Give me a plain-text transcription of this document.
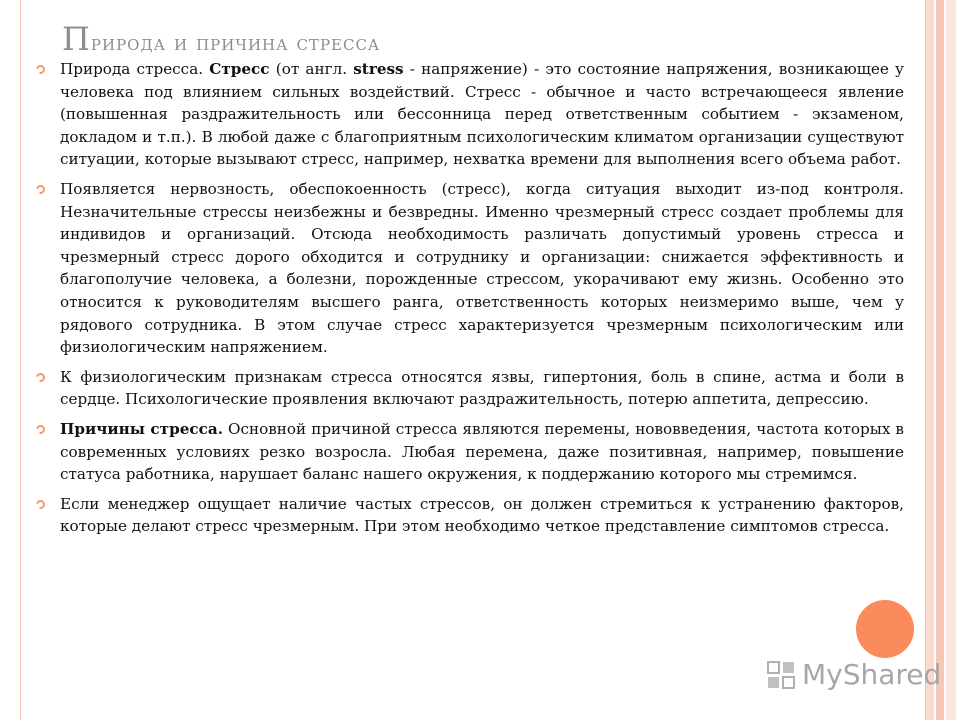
Природа и причина стресса
Природа стресса. Стресс (от англ. stress - напряжение) - это состояние напряжения, возникающее у человека под влиянием сильных воздействий. Стресс - обычное и часто встречающееся явление (повышенная раздражительность или бессонница перед ответственным событием - экзаменом, докладом и т.п.). В любой даже с благоприятным психологическим климатом организации существуют ситуации, которые вызывают стресс, например, нехватка времени для выполнения всего объема работ.
Появляется нервозность, обеспокоенность (стресс), когда ситуация выходит из-под контроля. Незначительные стрессы неизбежны и безвредны. Именно чрезмерный стресс создает проблемы для индивидов и организаций. Отсюда необходимость различать допустимый уровень стресса и чрезмерный стресс дорого обходится и сотруднику и организации: снижается эффективность и благополучие человека, а болезни, порожденные стрессом, укорачивают ему жизнь. Особенно это относится к руководителям высшего ранга, ответственность которых неизмеримо выше, чем у рядового сотрудника. В этом случае стресс характеризуется чрезмерным психологическим или физиологическим напряжением.
К физиологическим признакам стресса относятся язвы, гипертония, боль в спине, астма и боли в сердце. Психологические проявления включают раздражительность, потерю аппетита, депрессию.
Причины стресса. Основной причиной стресса являются перемены, нововведения, частота которых в современных условиях резко возросла. Любая перемена, даже позитивная, например, повышение статуса работника, нарушает баланс нашего окружения, к поддержанию которого мы стремимся.
Если менеджер ощущает наличие частых стрессов, он должен стремиться к устранению факторов, которые делают стресс чрезмерным. При этом необходимо четкое представление симптомов стресса.
MyShared
